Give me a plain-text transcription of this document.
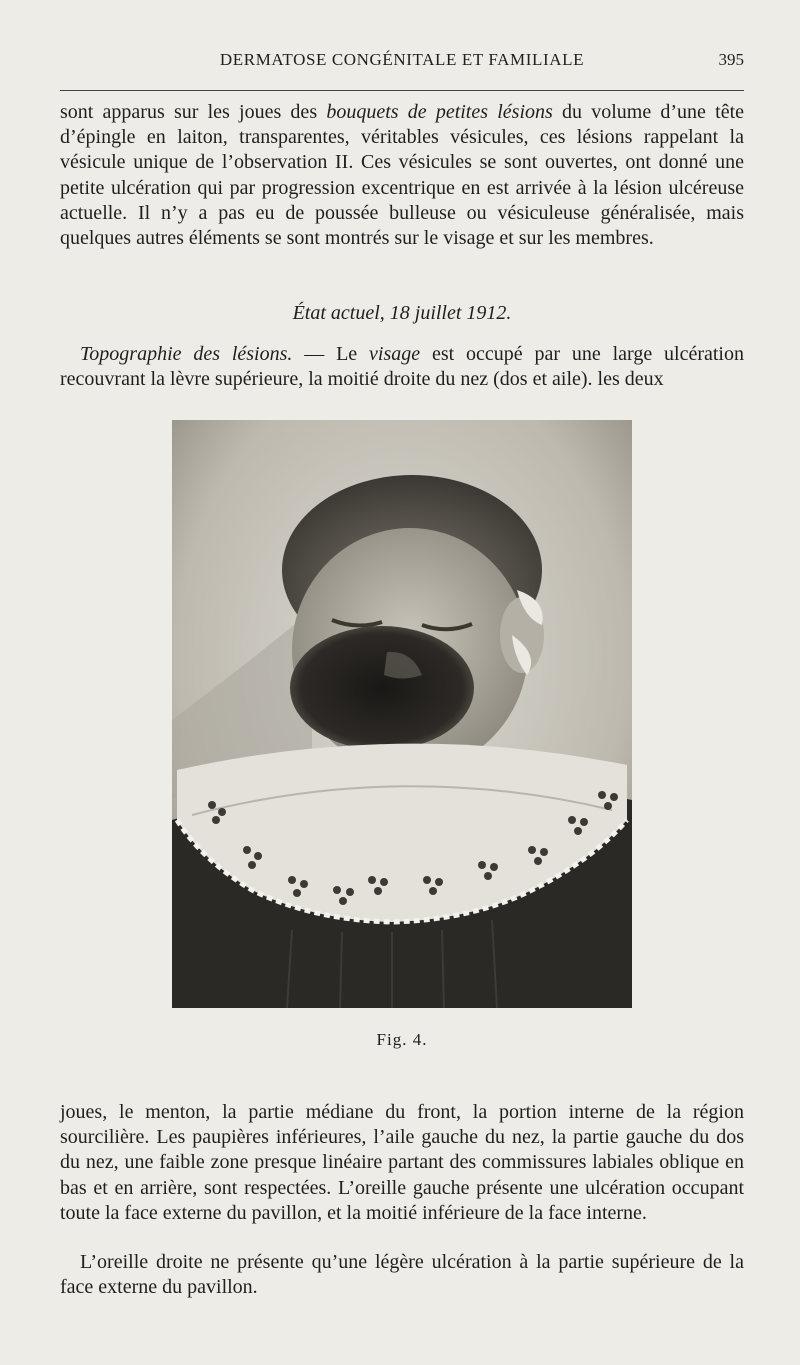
DERMATOSE CONGÉNITALE ET FAMILIALE	395

sont apparus sur les joues des bouquets de petites lésions du volume d’une tête d’épingle en laiton, transparentes, véritables vésicules, ces lésions rappelant la vésicule unique de l’observation II. Ces vésicules se sont ouvertes, ont donné une petite ulcération qui par progression excentrique en est arrivée à la lésion ulcéreuse actuelle. Il n’y a pas eu de poussée bulleuse ou vésiculeuse généralisée, mais quelques autres éléments se sont montrés sur le visage et sur les membres.

État actuel, 18 juillet 1912.

Topographie des lésions. — Le visage est occupé par une large ulcération recouvrant la lèvre supérieure, la moitié droite du nez (dos et aile). les deux

Fig. 4.

joues, le menton, la partie médiane du front, la portion interne de la région sourcilière. Les paupières inférieures, l’aile gauche du nez, la partie gauche du dos du nez, une faible zone presque linéaire partant des commissures labiales oblique en bas et en arrière, sont respectées. L’oreille gauche présente une ulcération occupant toute la face externe du pavillon, et la moitié inférieure de la face interne.

L’oreille droite ne présente qu’une légère ulcération à la partie supérieure de la face externe du pavillon.
